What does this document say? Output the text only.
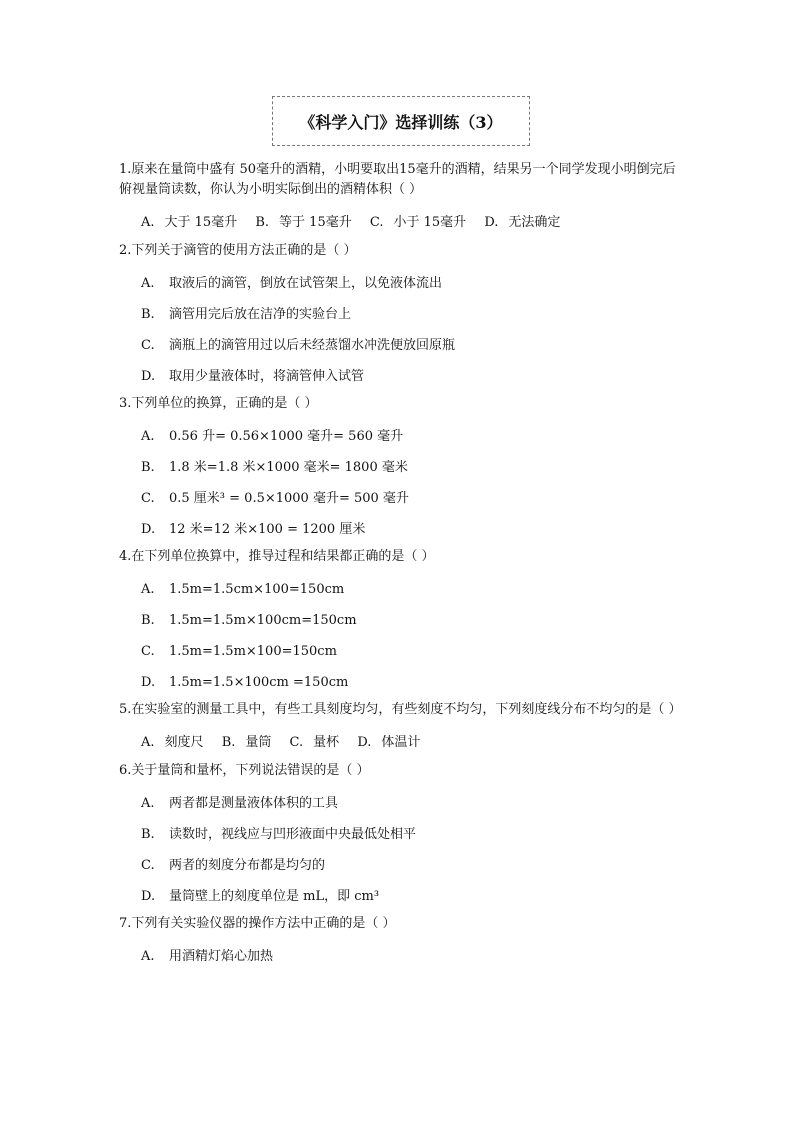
《科学入门》选择训练（3）
1.原来在量筒中盛有 50毫升的酒精，小明要取出15毫升的酒精，结果另一个同学发现小明倒完后俯视量筒读数，你认为小明实际倒出的酒精体积（ ）
A. 大于 15毫升 B. 等于 15毫升 C. 小于 15毫升 D. 无法确定
2.下列关于滴管的使用方法正确的是（ ）
A. 取液后的滴管，倒放在试管架上，以免液体流出
B. 滴管用完后放在洁净的实验台上
C. 滴瓶上的滴管用过以后未经蒸馏水冲洗便放回原瓶
D. 取用少量液体时，将滴管伸入试管
3.下列单位的换算，正确的是（ ）
A. 0.56 升= 0.56×1000 毫升= 560 毫升
B. 1.8 米=1.8 米×1000 毫米= 1800 毫米
C. 0.5 厘米³ = 0.5×1000 毫升= 500 毫升
D. 12 米=12 米×100 = 1200 厘米
4.在下列单位换算中，推导过程和结果都正确的是（ ）
A. 1.5m=1.5cm×100=150cm
B. 1.5m=1.5m×100cm=150cm
C. 1.5m=1.5m×100=150cm
D. 1.5m=1.5×100cm =150cm
5.在实验室的测量工具中，有些工具刻度均匀，有些刻度不均匀，下列刻度线分布不均匀的是（ ）
A. 刻度尺 B. 量筒 C. 量杯 D. 体温计
6.关于量筒和量杯，下列说法错误的是（ ）
A. 两者都是测量液体体积的工具
B. 读数时，视线应与凹形液面中央最低处相平
C. 两者的刻度分布都是均匀的
D. 量筒壁上的刻度单位是 mL，即 cm³
7.下列有关实验仪器的操作方法中正确的是（ ）
A. 用酒精灯焰心加热
